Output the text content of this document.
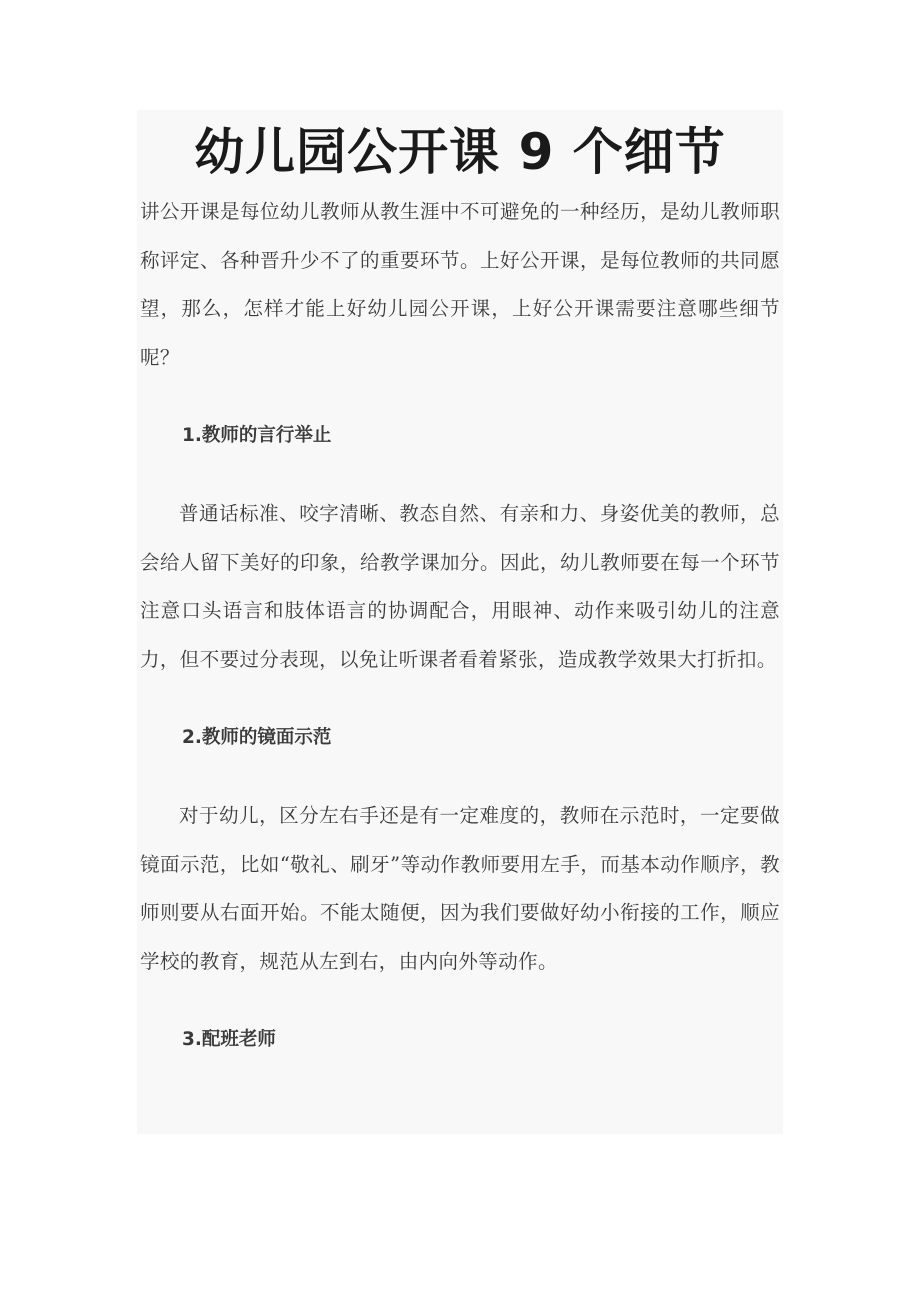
幼儿园公开课 9 个细节

讲公开课是每位幼儿教师从教生涯中不可避免的一种经历，是幼儿教师职称评定、各种晋升少不了的重要环节。上好公开课，是每位教师的共同愿望，那么，怎样才能上好幼儿园公开课，上好公开课需要注意哪些细节呢？

1.教师的言行举止

普通话标准、咬字清晰、教态自然、有亲和力、身姿优美的教师，总会给人留下美好的印象，给教学课加分。因此，幼儿教师要在每一个环节注意口头语言和肢体语言的协调配合，用眼神、动作来吸引幼儿的注意力，但不要过分表现，以免让听课者看着紧张，造成教学效果大打折扣。

2.教师的镜面示范

对于幼儿，区分左右手还是有一定难度的，教师在示范时，一定要做镜面示范，比如“敬礼、刷牙”等动作教师要用左手，而基本动作顺序，教师则要从右面开始。不能太随便，因为我们要做好幼小衔接的工作，顺应学校的教育，规范从左到右，由内向外等动作。

3.配班老师
